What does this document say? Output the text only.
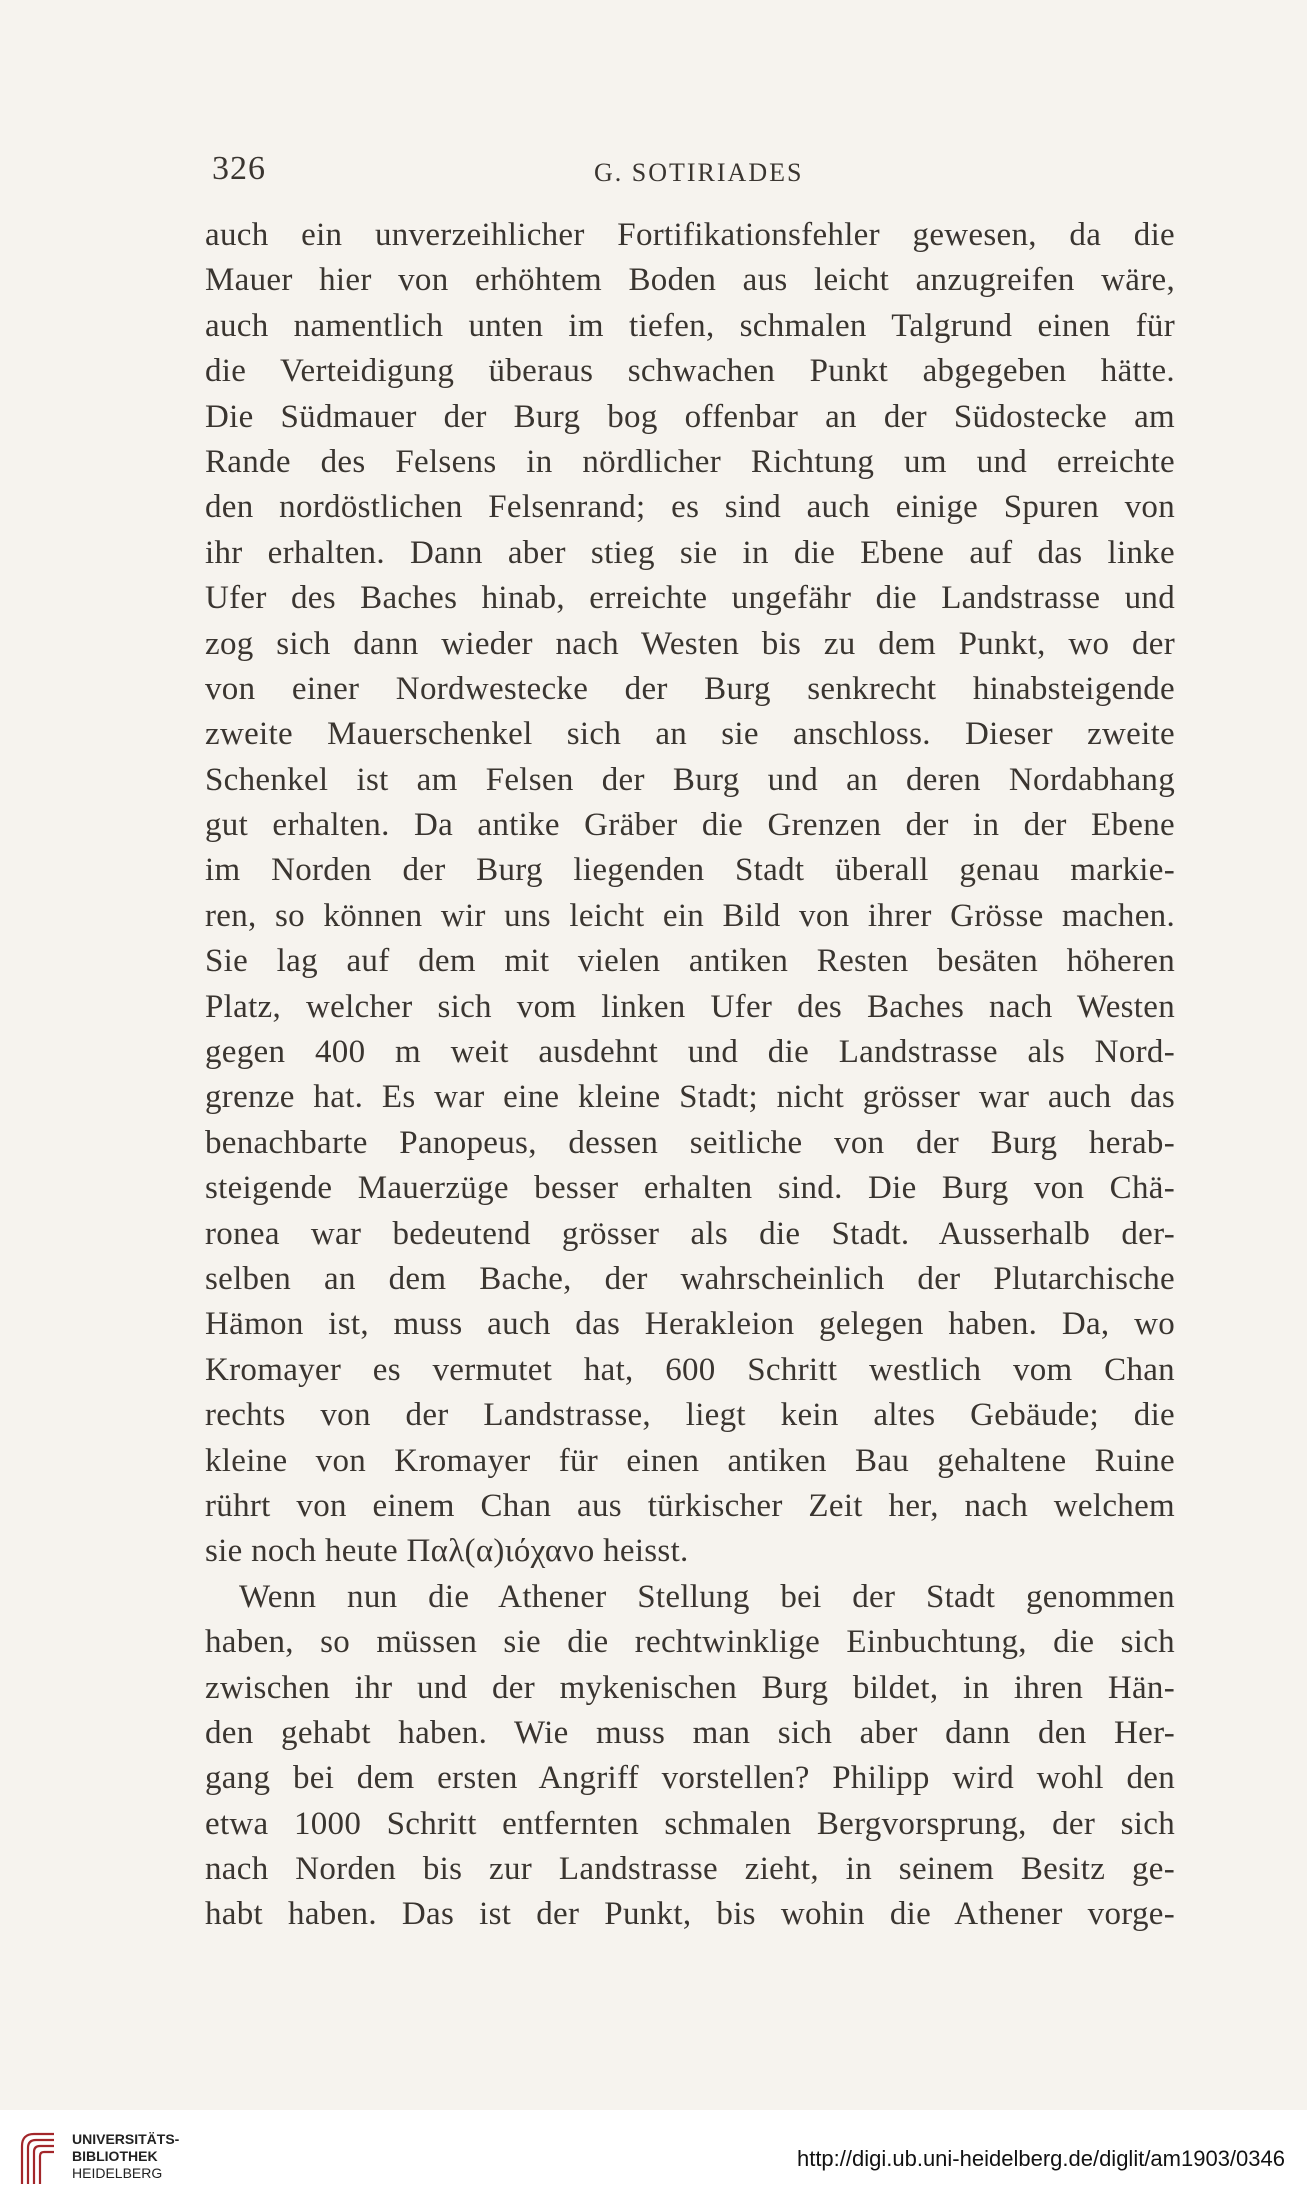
326	G. SOTIRIADES
auch ein unverzeihlicher Fortifikationsfehler gewesen, da die
Mauer hier von erhöhtem Boden aus leicht anzugreifen wäre,
auch namentlich unten im tiefen, schmalen Talgrund einen für
die Verteidigung überaus schwachen Punkt abgegeben hätte.
Die Südmauer der Burg bog offenbar an der Südostecke am
Rande des Felsens in nördlicher Richtung um und erreichte
den nordöstlichen Felsenrand; es sind auch einige Spuren von
ihr erhalten. Dann aber stieg sie in die Ebene auf das linke
Ufer des Baches hinab, erreichte ungefähr die Landstrasse und
zog sich dann wieder nach Westen bis zu dem Punkt, wo der
von einer Nordwestecke der Burg senkrecht hinabsteigende
zweite Mauerschenkel sich an sie anschloss. Dieser zweite
Schenkel ist am Felsen der Burg und an deren Nordabhang
gut erhalten. Da antike Gräber die Grenzen der in der Ebene
im Norden der Burg liegenden Stadt überall genau markie-
ren, so können wir uns leicht ein Bild von ihrer Grösse machen.
Sie lag auf dem mit vielen antiken Resten besäten höheren
Platz, welcher sich vom linken Ufer des Baches nach Westen
gegen 400 m weit ausdehnt und die Landstrasse als Nord-
grenze hat. Es war eine kleine Stadt; nicht grösser war auch das
benachbarte Panopeus, dessen seitliche von der Burg herab-
steigende Mauerzüge besser erhalten sind. Die Burg von Chä-
ronea war bedeutend grösser als die Stadt. Ausserhalb der-
selben an dem Bache, der wahrscheinlich der Plutarchische
Hämon ist, muss auch das Herakleion gelegen haben. Da, wo
Kromayer es vermutet hat, 600 Schritt westlich vom Chan
rechts von der Landstrasse, liegt kein altes Gebäude; die
kleine von Kromayer für einen antiken Bau gehaltene Ruine
rührt von einem Chan aus türkischer Zeit her, nach welchem
sie noch heute Παλ(α)ιόχανο heisst.
Wenn nun die Athener Stellung bei der Stadt genommen
haben, so müssen sie die rechtwinklige Einbuchtung, die sich
zwischen ihr und der mykenischen Burg bildet, in ihren Hän-
den gehabt haben. Wie muss man sich aber dann den Her-
gang bei dem ersten Angriff vorstellen? Philipp wird wohl den
etwa 1000 Schritt entfernten schmalen Bergvorsprung, der sich
nach Norden bis zur Landstrasse zieht, in seinem Besitz ge-
habt haben. Das ist der Punkt, bis wohin die Athener vorge-
UNIVERSITÄTS-
BIBLIOTHEK
HEIDELBERG
http://digi.ub.uni-heidelberg.de/diglit/am1903/0346
